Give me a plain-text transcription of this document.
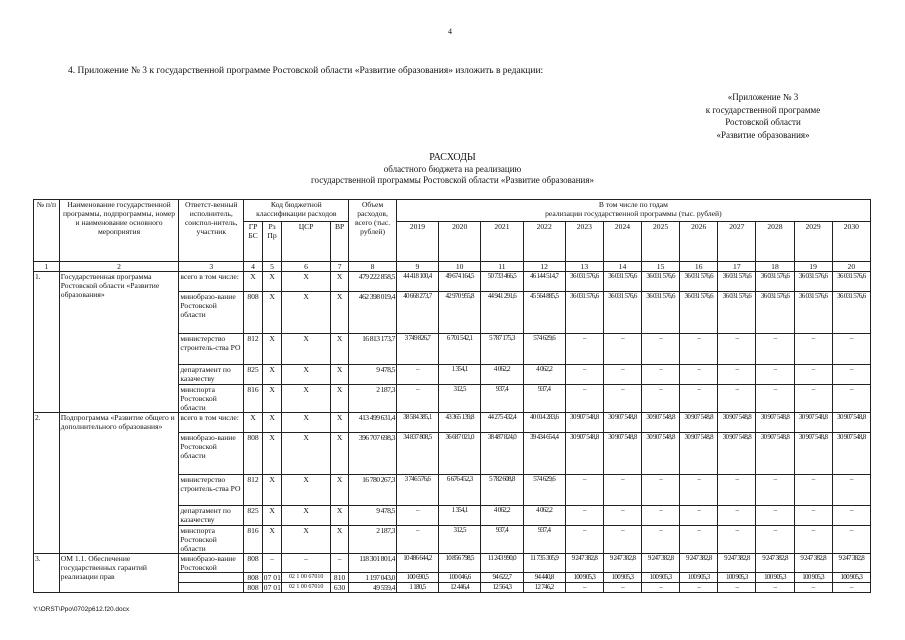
4
4. Приложение № 3 к государственной программе Ростовской области «Развитие образования» изложить в редакции:
«Приложение № 3
к государственной программе
Ростовской области
«Развитие образования»
РАСХОДЫ
областного бюджета на реализацию
государственной программы Ростовской области «Развитие образования»
№ п/п	Наименование государственной программы, подпрограммы, номер и наименование основного мероприятия	Ответст-венный исполнитель, соиспол-нитель, участник	Код бюджетной классификации расходов				Объем расходов, всего (тыс. рублей)	В том числе по годам
реализации государственной программы (тыс. рублей)											

			ГР БС	Рз Пр	ЦСР	ВР		2019	2020	2021	2022	2023	2024	2025	2026	2027	2028	2029	2030
1	2	3	4	5	6	7	8	9	10	11	12	13	14	15	16	17	18	19	20
1.	Государственная программа Ростовской области «Развитие образования»	всего в том числе:	X	X	X	X	479 222 858,5	44 418 100,4	49 674 164,5	50 733 466,5	46 144 514,7	36 031 576,6	36 031 576,6	36 031 576,6	36 031 576,6	36 031 576,6	36 031 576,6	36 031 576,6	36 031 576,6
		минобразо-вание Ростовской области	808	X	X	X	462 398 019,4	40 668 273,7	42 970 955,8	44 941 291,6	45 564 885,5	36 031 576,6	36 031 576,6	36 031 576,6	36 031 576,6	36 031 576,6	36 031 576,6	36 031 576,6	36 031 576,6
		министерство строитель-ства РО	812	X	X	X	16 813 173,7	3 749 826,7	6 701 542,1	5 787 175,3	574 629,6	–	–	–	–	–	–	–	–
		департамент по казачеству	825	X	X	X	9 478,5	–	1 354,1	4 062,2	4 062,2	–	–	–	–	–	–	–	–
		минспорта Ростовской области	816	X	X	X	2 187,3	–	312,5	937,4	937,4	–	–	–	–	–	–	–	–
2.	Подпрограмма «Развитие общего и дополнительного образования»	всего в том числе:	X	X	X	X	413 499 631,4	38 584 385,1	43 365 139,8	44 275 432,4	40 014 283,6	30 907 548,8	30 907 548,8	30 907 548,8	30 907 548,8	30 907 548,8	30 907 548,8	30 907 548,8	30 907 548,8
		минобразо-вание Ростовской области	808	X	X	X	396 707 698,3	34 837 808,5	36 687 021,0	38 487 824,0	39 434 654,4	30 907 548,8	30 907 548,8	30 907 548,8	30 907 548,8	30 907 548,8	30 907 548,8	30 907 548,8	30 907 548,8
		министерство строитель-ства РО	812	X	X	X	16 780 267,3	3 746 576,6	6 676 452,3	5 782 608,8	574 629,6	–	–	–	–	–	–	–	–
		департамент по казачеству	825	X	X	X	9 478,5	–	1 354,1	4 062,2	4 062,2	–	–	–	–	–	–	–	–
		минспорта Ростовской области	816	X	X	X	2 187,3	–	312,5	937,4	937,4	–	–	–	–	–	–	–	–
3.	ОМ 1.1. Обеспечение государственных гарантий реализации прав	минобразо-вание Ростовской	808	–	–	–	118 301 801,4	10 486 644,2	10 856 798,5	11 243 990,0	11 735 305,9	9 247 382,8	9 247 382,8	9 247 382,8	9 247 382,8	9 247 382,8	9 247 382,8	9 247 382,8	9 247 382,8
			808	07 01	02 1 00 67010	810	1 197 043,0	100 690,5	100 046,6	94 622,7	94 440,8	100 905,3	100 905,3	100 905,3	100 905,3	100 905,3	100 905,3	100 905,3	100 905,3
			808	07 01	02 1 00 67010	630	49 559,4	1 180,5	12 446,4	12 564,3	12 746,2	–	–	–	–	–	–	–	–
Y:\ORST\Ppo\0702p612.f20.docx
